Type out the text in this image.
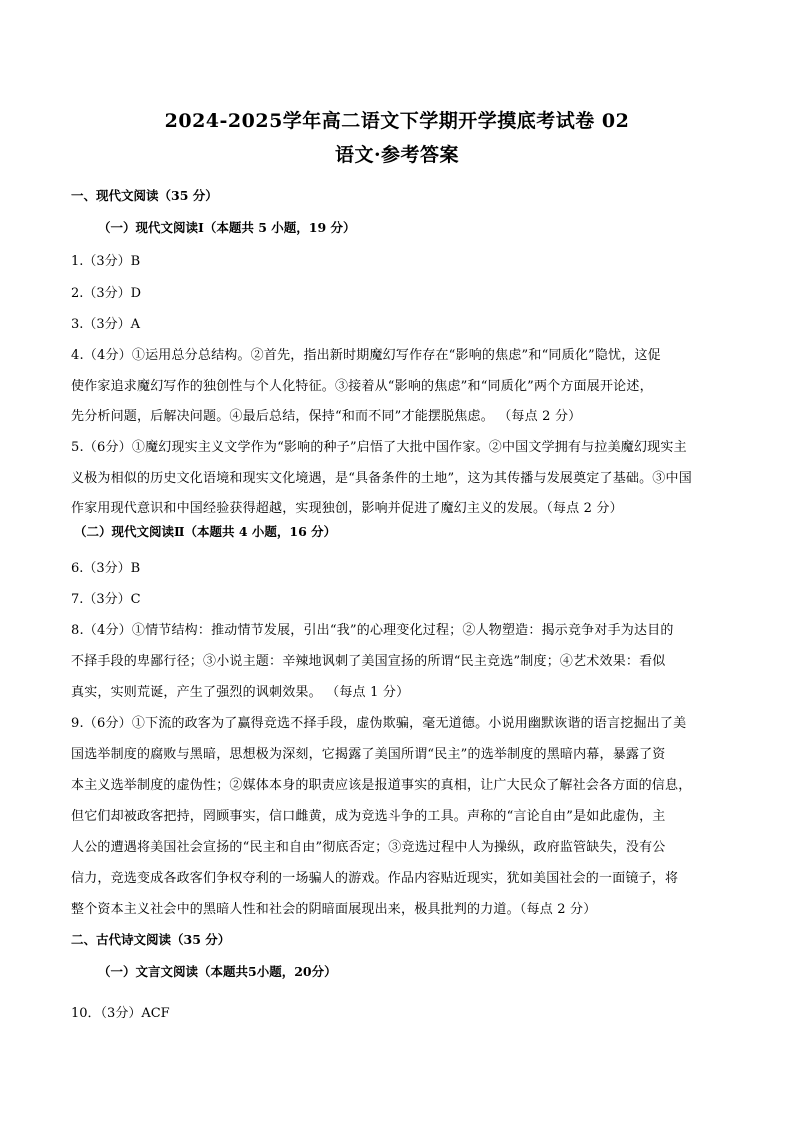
2024-2025学年高二语文下学期开学摸底考试卷 02
语文·参考答案
一、现代文阅读（35 分）
（一）现代文阅读Ⅰ（本题共 5 小题，19 分）
1.（3分）B
2.（3分）D
3.（3分）A
4.（4分）①运用总分总结构。②首先，指出新时期魔幻写作存在“影响的焦虑”和“同质化”隐忧，这促
使作家追求魔幻写作的独创性与个人化特征。③接着从“影响的焦虑”和“同质化”两个方面展开论述，
先分析问题，后解决问题。④最后总结，保持“和而不同”才能摆脱焦虑。 （每点 2 分）
5.（6分）①魔幻现实主义文学作为“影响的种子”启悟了大批中国作家。②中国文学拥有与拉美魔幻现实主
义极为相似的历史文化语境和现实文化境遇，是“具备条件的土地”，这为其传播与发展奠定了基础。③中国
作家用现代意识和中国经验获得超越，实现独创，影响并促进了魔幻主义的发展。（每点 2 分）
（二）现代文阅读Ⅱ（本题共 4 小题，16 分）
6.（3分）B
7.（3分）C
8.（4分）①情节结构：推动情节发展，引出“我”的心理变化过程；②人物塑造：揭示竞争对手为达目的
不择手段的卑鄙行径；③小说主题：辛辣地讽刺了美国宣扬的所谓“民主竞选”制度；④艺术效果：看似
真实，实则荒诞，产生了强烈的讽刺效果。 （每点 1 分）
9.（6分）①下流的政客为了赢得竞选不择手段，虚伪欺骗，毫无道德。小说用幽默诙谐的语言挖掘出了美
国选举制度的腐败与黑暗，思想极为深刻，它揭露了美国所谓“民主”的选举制度的黑暗内幕，暴露了资
本主义选举制度的虚伪性；②媒体本身的职责应该是报道事实的真相，让广大民众了解社会各方面的信息，
但它们却被政客把持，罔顾事实，信口雌黄，成为竞选斗争的工具。声称的“言论自由”是如此虚伪，主
人公的遭遇将美国社会宣扬的“民主和自由”彻底否定；③竞选过程中人为操纵，政府监管缺失，没有公
信力，竞选变成各政客们争权夺利的一场骗人的游戏。作品内容贴近现实，犹如美国社会的一面镜子，将
整个资本主义社会中的黑暗人性和社会的阴暗面展现出来，极具批判的力道。（每点 2 分）
二、古代诗文阅读（35 分）
（一）文言文阅读（本题共5小题，20分）
10．（3分）ACF
